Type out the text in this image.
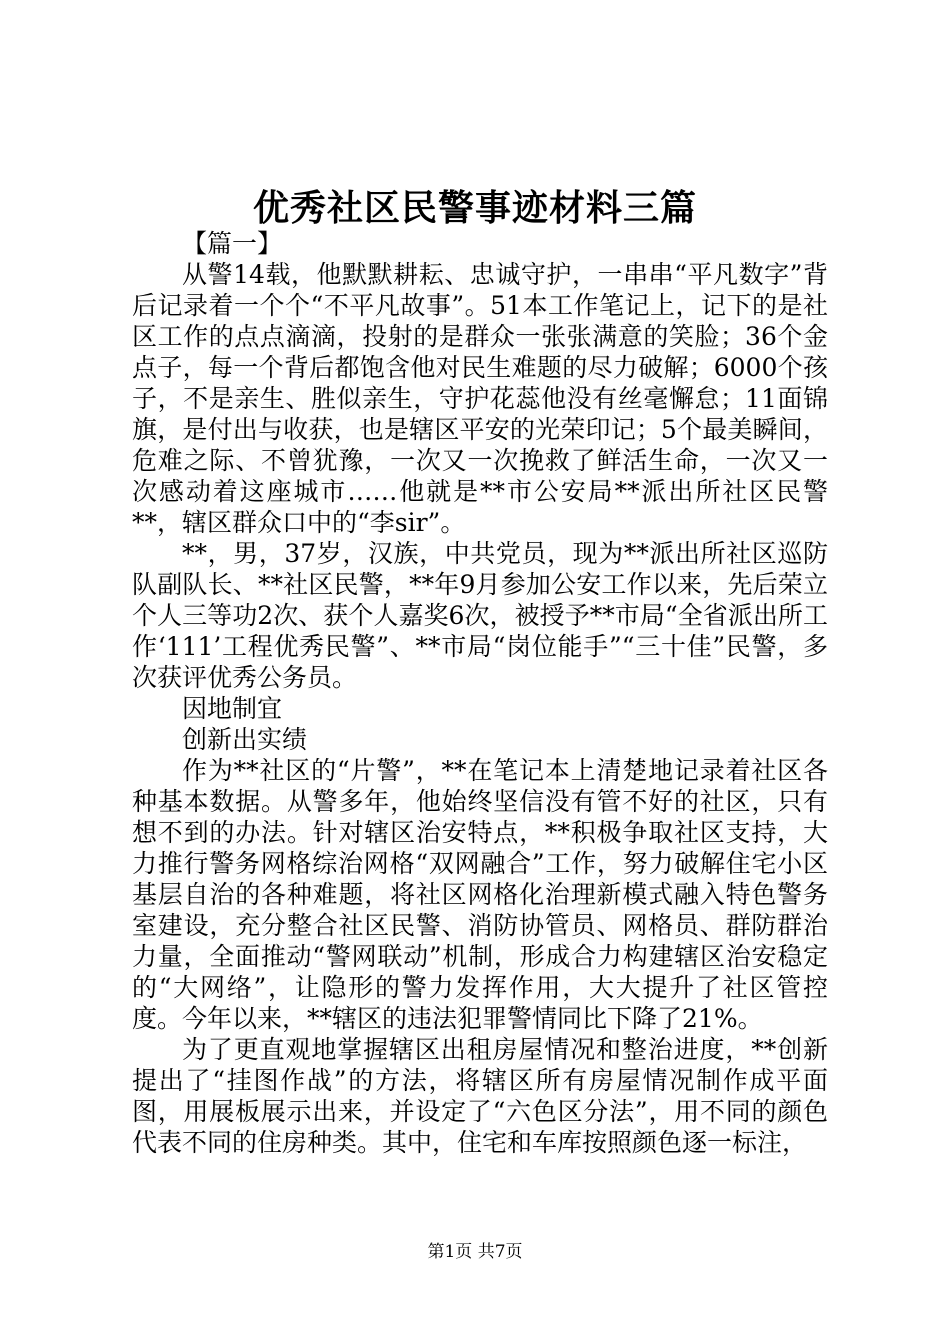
优秀社区民警事迹材料三篇

【篇一】

从警14载，他默默耕耘、忠诚守护，一串串“平凡数字”背后记录着一个个“不平凡故事”。51本工作笔记上，记下的是社区工作的点点滴滴，投射的是群众一张张满意的笑脸；36个金点子，每一个背后都饱含他对民生难题的尽力破解；6000个孩子，不是亲生、胜似亲生，守护花蕊他没有丝毫懈怠；11面锦旗，是付出与收获，也是辖区平安的光荣印记；5个最美瞬间，危难之际、不曾犹豫，一次又一次挽救了鲜活生命，一次又一次感动着这座城市……他就是**市公安局**派出所社区民警**，辖区群众口中的“李sir”。

**，男，37岁，汉族，中共党员，现为**派出所社区巡防队副队长、**社区民警，**年9月参加公安工作以来，先后荣立个人三等功2次、获个人嘉奖6次，被授予**市局“全省派出所工作‘111’工程优秀民警”、**市局“岗位能手”“三十佳”民警，多次获评优秀公务员。

因地制宜

创新出实绩

作为**社区的“片警”，**在笔记本上清楚地记录着社区各种基本数据。从警多年，他始终坚信没有管不好的社区，只有想不到的办法。针对辖区治安特点，**积极争取社区支持，大力推行警务网格综治网格“双网融合”工作，努力破解住宅小区基层自治的各种难题，将社区网格化治理新模式融入特色警务室建设，充分整合社区民警、消防协管员、网格员、群防群治力量，全面推动“警网联动”机制，形成合力构建辖区治安稳定的“大网络”，让隐形的警力发挥作用，大大提升了社区管控度。今年以来，**辖区的违法犯罪警情同比下降了21%。

为了更直观地掌握辖区出租房屋情况和整治进度，**创新提出了“挂图作战”的方法，将辖区所有房屋情况制作成平面图，用展板展示出来，并设定了“六色区分法”，用不同的颜色代表不同的住房种类。其中，住宅和车库按照颜色逐一标注，

第1页 共7页
